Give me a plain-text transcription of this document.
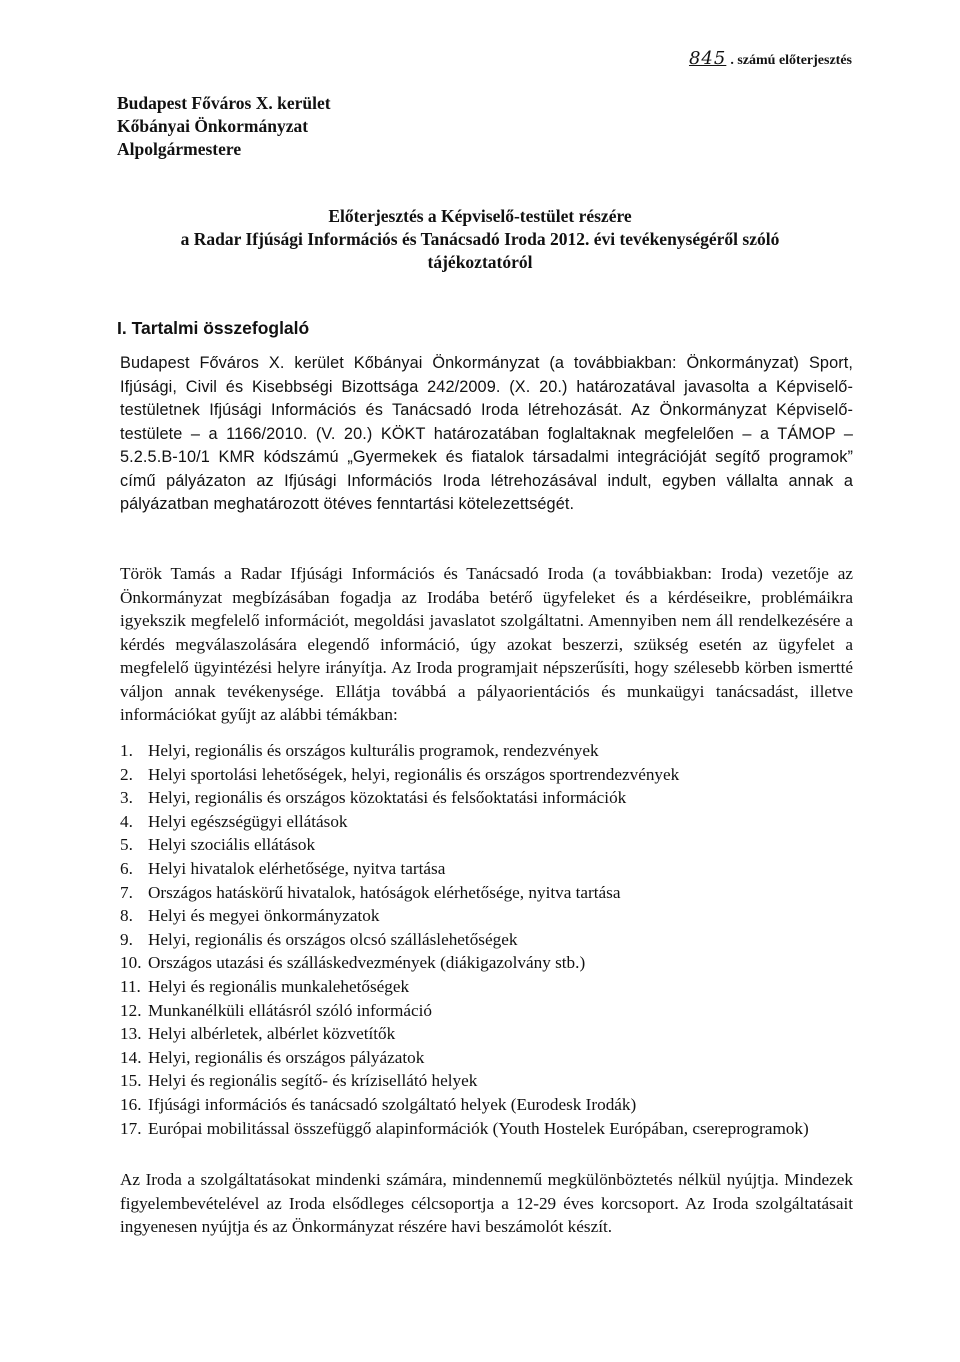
845 . számú előterjesztés
Budapest Főváros X. kerület
Kőbányai Önkormányzat
Alpolgármestere
Előterjesztés a Képviselő-testület részére
a Radar Ifjúsági Információs és Tanácsadó Iroda 2012. évi tevékenységéről szóló
tájékoztatóról
I. Tartalmi összefoglaló
Budapest Főváros X. kerület Kőbányai Önkormányzat (a továbbiakban: Önkormányzat) Sport, Ifjúsági, Civil és Kisebbségi Bizottsága 242/2009. (X. 20.) határozatával javasolta a Képviselő-testületnek Ifjúsági Információs és Tanácsadó Iroda létrehozását. Az Önkormányzat Képviselő-testülete – a 1166/2010. (V. 20.) KÖKT határozatában foglaltaknak megfelelően – a TÁMOP – 5.2.5.B-10/1 KMR kódszámú „Gyermekek és fiatalok társadalmi integrációját segítő programok” című pályázaton az Ifjúsági Információs Iroda létrehozásával indult, egyben vállalta annak a pályázatban meghatározott ötéves fenntartási kötelezettségét.
Török Tamás a Radar Ifjúsági Információs és Tanácsadó Iroda (a továbbiakban: Iroda) vezetője az Önkormányzat megbízásában fogadja az Irodába betérő ügyfeleket és a kérdéseikre, problémáikra igyekszik megfelelő információt, megoldási javaslatot szolgáltatni. Amennyiben nem áll rendelkezésére a kérdés megválaszolására elegendő információ, úgy azokat beszerzi, szükség esetén az ügyfelet a megfelelő ügyintézési helyre irányítja. Az Iroda programjait népszerűsíti, hogy szélesebb körben ismertté váljon annak tevékenysége. Ellátja továbbá a pályaorientációs és munkaügyi tanácsadást, illetve információkat gyűjt az alábbi témákban:
1. Helyi, regionális és országos kulturális programok, rendezvények
2. Helyi sportolási lehetőségek, helyi, regionális és országos sportrendezvények
3. Helyi, regionális és országos közoktatási és felsőoktatási információk
4. Helyi egészségügyi ellátások
5. Helyi szociális ellátások
6. Helyi hivatalok elérhetősége, nyitva tartása
7. Országos hatáskörű hivatalok, hatóságok elérhetősége, nyitva tartása
8. Helyi és megyei önkormányzatok
9. Helyi, regionális és országos olcsó szálláslehetőségek
10. Országos utazási és szálláskedvezmények (diákigazolvány stb.)
11. Helyi és regionális munkalehetőségek
12. Munkanélküli ellátásról szóló információ
13. Helyi albérletek, albérlet közvetítők
14. Helyi, regionális és országos pályázatok
15. Helyi és regionális segítő- és krízisellátó helyek
16. Ifjúsági információs és tanácsadó szolgáltató helyek (Eurodesk Irodák)
17. Európai mobilitással összefüggő alapinformációk (Youth Hostelek Európában, csereprogramok)
Az Iroda a szolgáltatásokat mindenki számára, mindennemű megkülönböztetés nélkül nyújtja. Mindezek figyelembevételével az Iroda elsődleges célcsoportja a 12-29 éves korcsoport. Az Iroda szolgáltatásait ingyenesen nyújtja és az Önkormányzat részére havi beszámolót készít.
